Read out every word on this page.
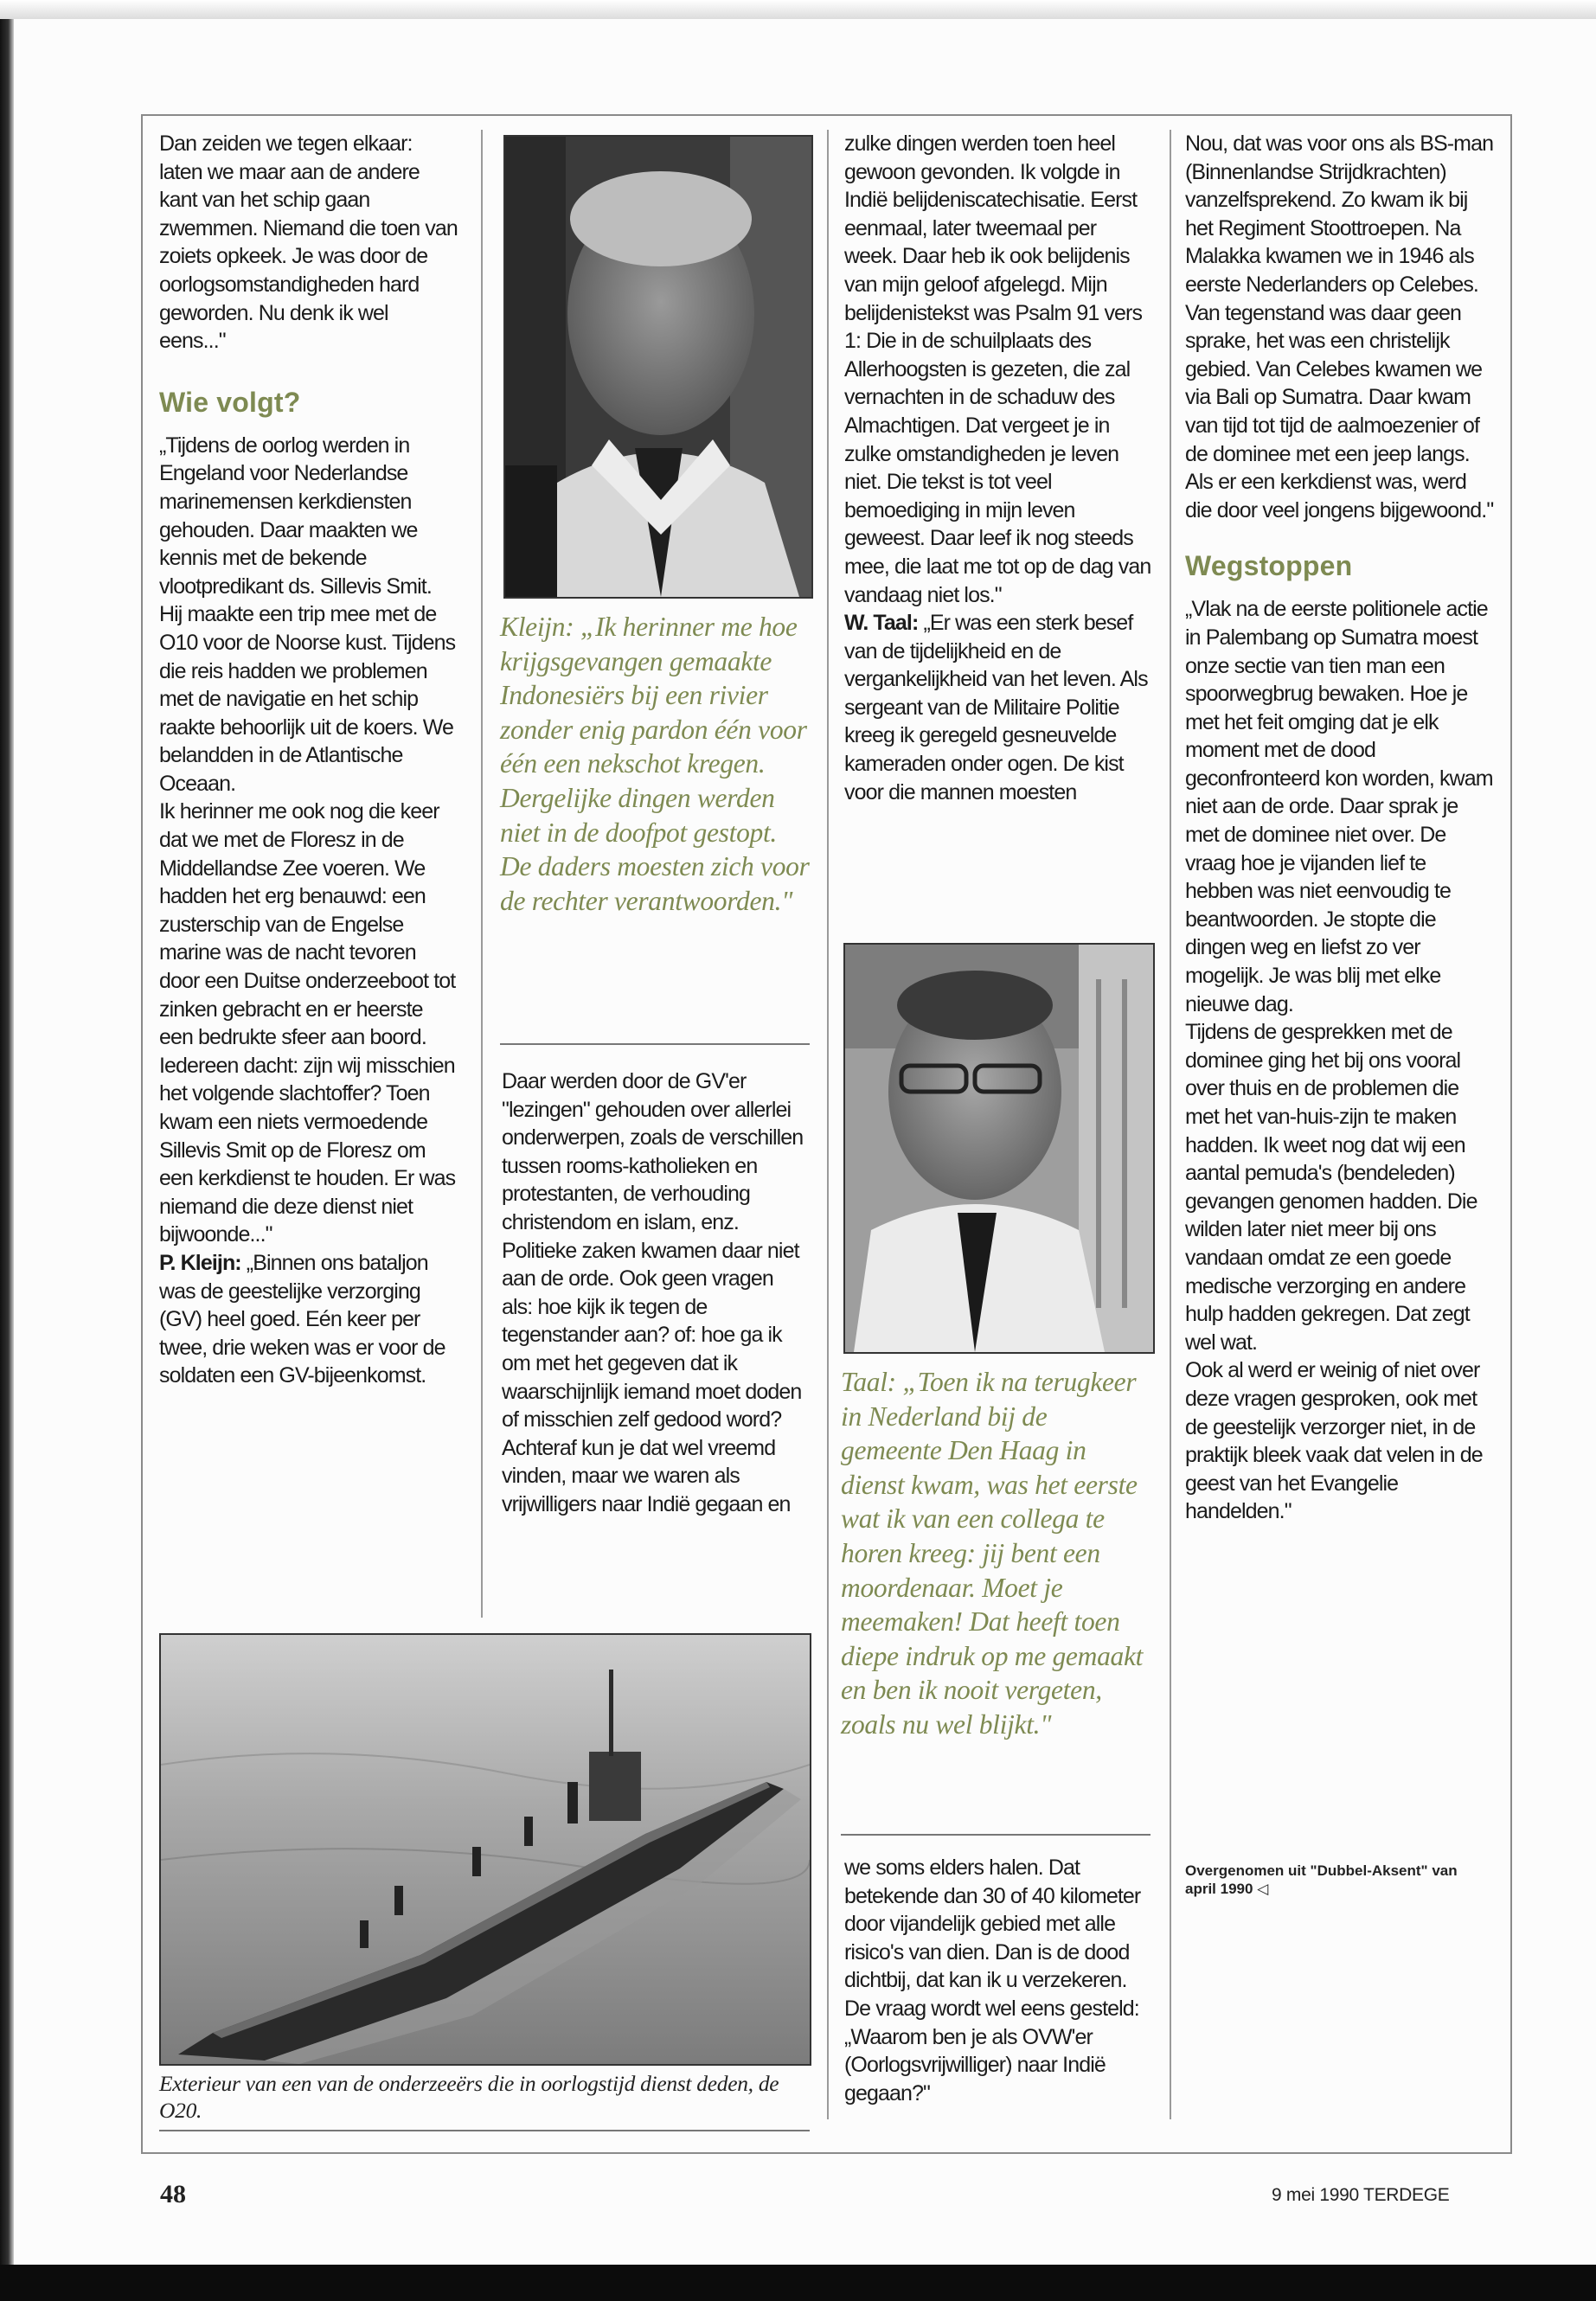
Dan zeiden we tegen elkaar: laten we maar aan de andere kant van het schip gaan zwemmen. Niemand die toen van zoiets opkeek. Je was door de oorlogsomstandigheden hard geworden. Nu denk ik wel eens..."

Wie volgt?

„Tijdens de oorlog werden in Engeland voor Nederlandse marinemensen kerkdiensten gehouden. Daar maakten we kennis met de bekende vlootpredikant ds. Sillevis Smit. Hij maakte een trip mee met de O10 voor de Noorse kust. Tijdens die reis hadden we problemen met de navigatie en het schip raakte behoorlijk uit de koers. We belandden in de Atlantische Oceaan.

Ik herinner me ook nog die keer dat we met de Floresz in de Middellandse Zee voeren. We hadden het erg benauwd: een zusterschip van de Engelse marine was de nacht tevoren door een Duitse onderzeeboot tot zinken gebracht en er heerste een bedrukte sfeer aan boord. Iedereen dacht: zijn wij misschien het volgende slachtoffer? Toen kwam een niets vermoedende Sillevis Smit op de Floresz om een kerkdienst te houden. Er was niemand die deze dienst niet bijwoonde..."

P. Kleijn: „Binnen ons bataljon was de geestelijke verzorging (GV) heel goed. Eén keer per twee, drie weken was er voor de soldaten een GV-bijeenkomst.

Kleijn: „Ik herinner me hoe krijgsgevangen gemaakte Indonesiërs bij een rivier zonder enig pardon één voor één een nekschot kregen. Dergelijke dingen werden niet in de doofpot gestopt. De daders moesten zich voor de rechter verantwoorden."

Daar werden door de GV'er "lezingen" gehouden over allerlei onderwerpen, zoals de verschillen tussen rooms-katholieken en protestanten, de verhouding christendom en islam, enz. Politieke zaken kwamen daar niet aan de orde. Ook geen vragen als: hoe kijk ik tegen de tegenstander aan? of: hoe ga ik om met het gegeven dat ik waarschijnlijk iemand moet doden of misschien zelf gedood word? Achteraf kun je dat wel vreemd vinden, maar we waren als vrijwilligers naar Indië gegaan en

zulke dingen werden toen heel gewoon gevonden. Ik volgde in Indië belijdeniscatechisatie. Eerst eenmaal, later tweemaal per week. Daar heb ik ook belijdenis van mijn geloof afgelegd. Mijn belijdenistekst was Psalm 91 vers 1: Die in de schuilplaats des Allerhoogsten is gezeten, die zal vernachten in de schaduw des Almachtigen. Dat vergeet je in zulke omstandigheden je leven niet. Die tekst is tot veel bemoediging in mijn leven geweest. Daar leef ik nog steeds mee, die laat me tot op de dag van vandaag niet los."

W. Taal: „Er was een sterk besef van de tijdelijkheid en de vergankelijkheid van het leven. Als sergeant van de Militaire Politie kreeg ik geregeld gesneuvelde kameraden onder ogen. De kist voor die mannen moesten

Taal: „Toen ik na terugkeer in Nederland bij de gemeente Den Haag in dienst kwam, was het eerste wat ik van een collega te horen kreeg: jij bent een moordenaar. Moet je meemaken! Dat heeft toen diepe indruk op me gemaakt en ben ik nooit vergeten, zoals nu wel blijkt."

we soms elders halen. Dat betekende dan 30 of 40 kilometer door vijandelijk gebied met alle risico's van dien. Dan is de dood dichtbij, dat kan ik u verzekeren. De vraag wordt wel eens gesteld: „Waarom ben je als OVW'er (Oorlogsvrijwilliger) naar Indië gegaan?"

Nou, dat was voor ons als BS-man (Binnenlandse Strijdkrachten) vanzelfsprekend. Zo kwam ik bij het Regiment Stoottroepen. Na Malakka kwamen we in 1946 als eerste Nederlanders op Celebes. Van tegenstand was daar geen sprake, het was een christelijk gebied. Van Celebes kwamen we via Bali op Sumatra. Daar kwam van tijd tot tijd de aalmoezenier of de dominee met een jeep langs. Als er een kerkdienst was, werd die door veel jongens bijgewoond."

Wegstoppen

„Vlak na de eerste politionele actie in Palembang op Sumatra moest onze sectie van tien man een spoorwegbrug bewaken. Hoe je met het feit omging dat je elk moment met de dood geconfronteerd kon worden, kwam niet aan de orde. Daar sprak je met de dominee niet over. De vraag hoe je vijanden lief te hebben was niet eenvoudig te beantwoorden. Je stopte die dingen weg en liefst zo ver mogelijk. Je was blij met elke nieuwe dag.

Tijdens de gesprekken met de dominee ging het bij ons vooral over thuis en de problemen die met het van-huis-zijn te maken hadden. Ik weet nog dat wij een aantal pemuda's (bendeleden) gevangen genomen hadden. Die wilden later niet meer bij ons vandaan omdat ze een goede medische verzorging en andere hulp hadden gekregen. Dat zegt wel wat.

Ook al werd er weinig of niet over deze vragen gesproken, ook met de geestelijk verzorger niet, in de praktijk bleek vaak dat velen in de geest van het Evangelie handelden."

Overgenomen uit "Dubbel-Aksent" van april 1990 ◁
Exterieur van een van de onderzeeërs die in oorlogstijd dienst deden, de O20.
48	9 mei 1990 TERDEGE
